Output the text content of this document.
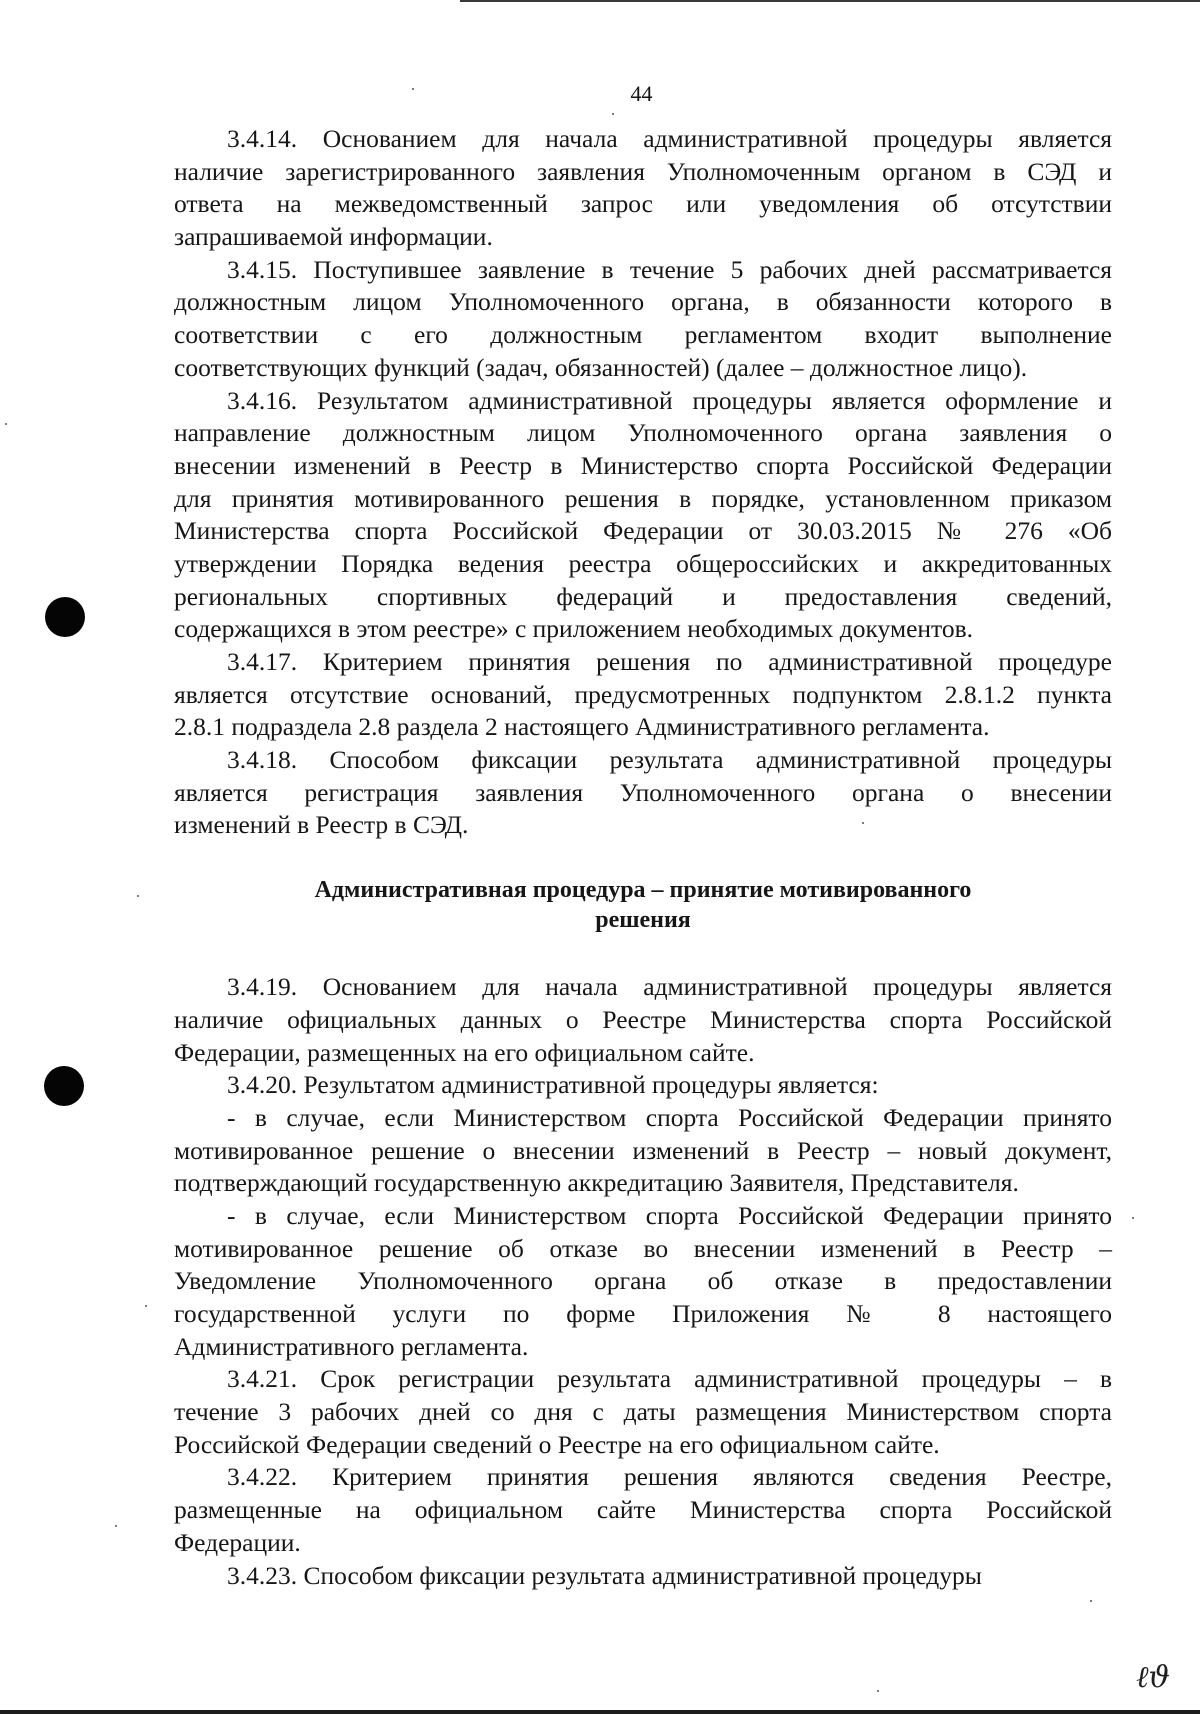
44
3.4.14. Основанием для начала административной процедуры является
наличие зарегистрированного заявления Уполномоченным органом в СЭД и
ответа на межведомственный запрос или уведомления об отсутствии
запрашиваемой информации.
3.4.15. Поступившее заявление в течение 5 рабочих дней рассматривается
должностным лицом Уполномоченного органа, в обязанности которого в
соответствии с его должностным регламентом входит выполнение
соответствующих функций (задач, обязанностей) (далее – должностное лицо).
3.4.16. Результатом административной процедуры является оформление и
направление должностным лицом Уполномоченного органа заявления о
внесении изменений в Реестр в Министерство спорта Российской Федерации
для принятия мотивированного решения в порядке, установленном приказом
Министерства спорта Российской Федерации от 30.03.2015 № 276 «Об
утверждении Порядка ведения реестра общероссийских и аккредитованных
региональных спортивных федераций и предоставления сведений,
содержащихся в этом реестре» с приложением необходимых документов.
3.4.17. Критерием принятия решения по административной процедуре
является отсутствие оснований, предусмотренных подпунктом 2.8.1.2 пункта
2.8.1 подраздела 2.8 раздела 2 настоящего Административного регламента.
3.4.18. Способом фиксации результата административной процедуры
является регистрация заявления Уполномоченного органа о внесении
изменений в Реестр в СЭД.
Административная процедура – принятие мотивированного
решения
3.4.19. Основанием для начала административной процедуры является
наличие официальных данных о Реестре Министерства спорта Российской
Федерации, размещенных на его официальном сайте.
3.4.20. Результатом административной процедуры является:
- в случае, если Министерством спорта Российской Федерации принято
мотивированное решение о внесении изменений в Реестр – новый документ,
подтверждающий государственную аккредитацию Заявителя, Представителя.
- в случае, если Министерством спорта Российской Федерации принято
мотивированное решение об отказе во внесении изменений в Реестр –
Уведомление Уполномоченного органа об отказе в предоставлении
государственной услуги по форме Приложения № 8 настоящего
Административного регламента.
3.4.21. Срок регистрации результата административной процедуры – в
течение 3 рабочих дней со дня с даты размещения Министерством спорта
Российской Федерации сведений о Реестре на его официальном сайте.
3.4.22. Критерием принятия решения являются сведения Реестре,
размещенные на официальном сайте Министерства спорта Российской
Федерации.
3.4.23. Способом фиксации результата административной процедуры
ℓϑ
